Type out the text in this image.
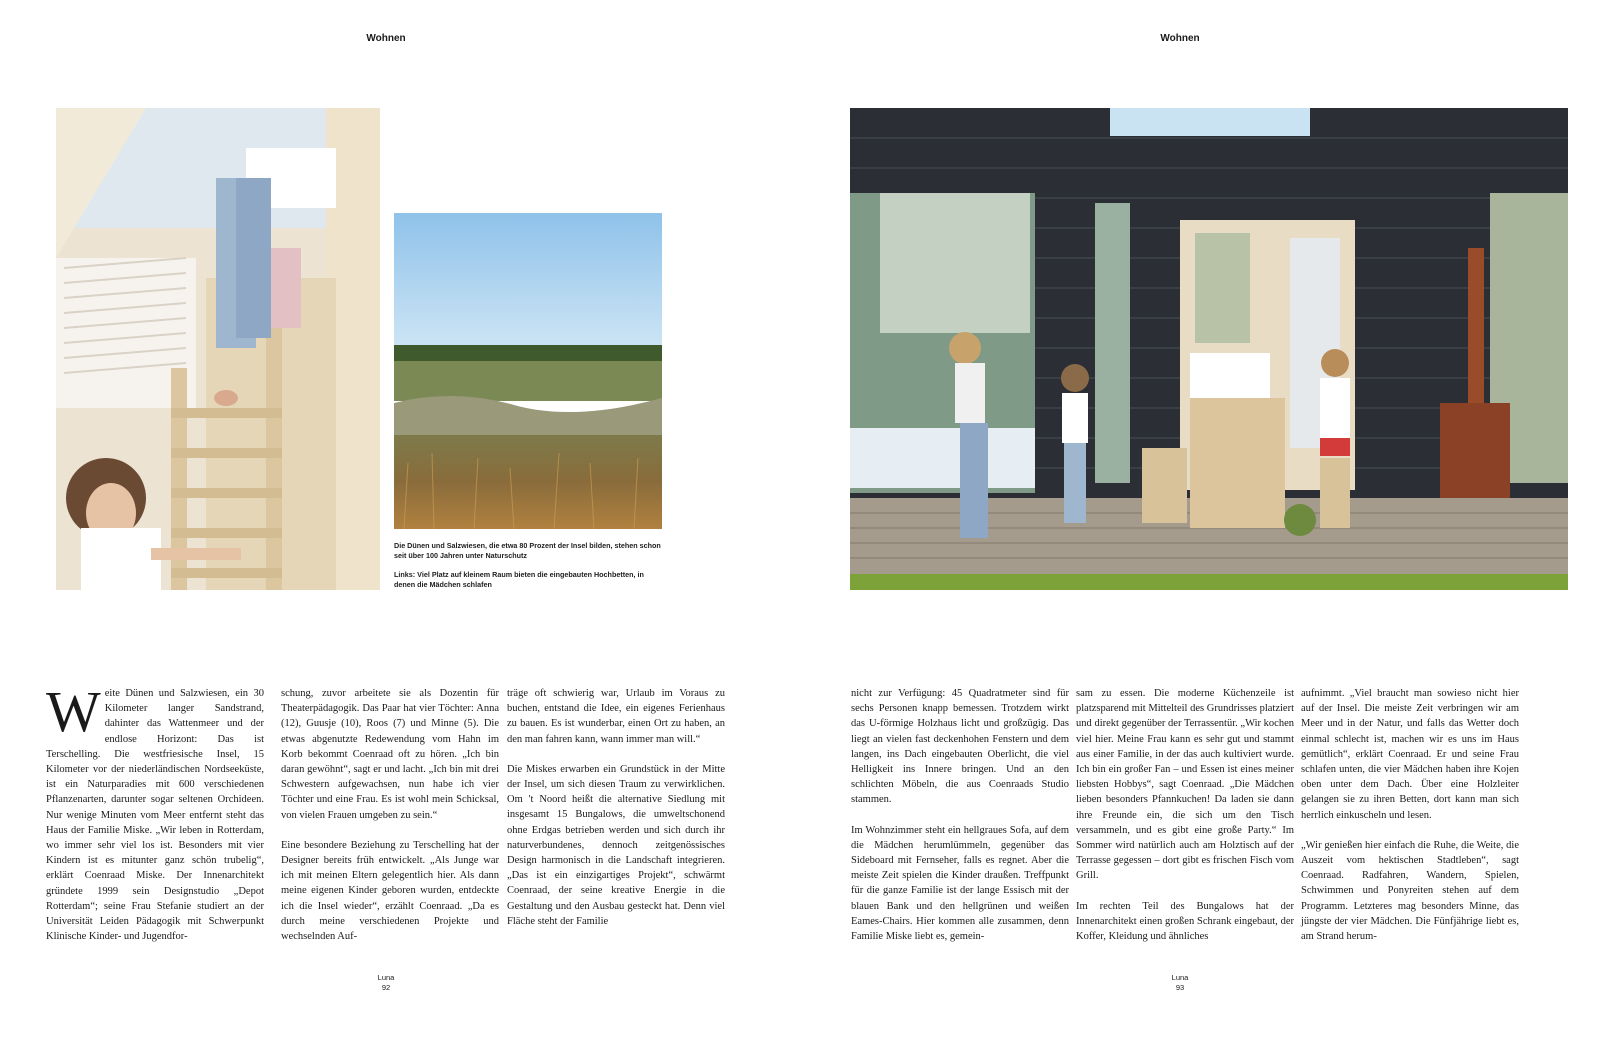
Wohnen

Die Dünen und Salzwiesen, die etwa 80 Prozent der Insel bilden, stehen schon seit über 100 Jahren unter Naturschutz

Links: Viel Platz auf kleinem Raum bieten die eingebauten Hochbetten, in denen die Mädchen schlafen

Weite Dünen und Salzwiesen, ein 30 Kilometer langer Sandstrand, dahinter das Wattenmeer und der endlose Horizont: Das ist Terschelling. Die westfriesische Insel, 15 Kilometer vor der niederländischen Nordseeküste, ist ein Naturparadies mit 600 verschiedenen Pflanzenarten, darunter sogar seltenen Orchideen. Nur wenige Minuten vom Meer entfernt steht das Haus der Familie Miske. „Wir leben in Rotterdam, wo immer sehr viel los ist. Besonders mit vier Kindern ist es mitunter ganz schön trubelig“, erklärt Coenraad Miske. Der Innenarchitekt gründete 1999 sein Designstudio „Depot Rotterdam“; seine Frau Stefanie studiert an der Universität Leiden Pädagogik mit Schwerpunkt Klinische Kinder- und Jugendfor-

schung, zuvor arbeitete sie als Dozentin für Theaterpädagogik. Das Paar hat vier Töchter: Anna (12), Guusje (10), Roos (7) und Minne (5). Die etwas abgenutzte Redewendung vom Hahn im Korb bekommt Coenraad oft zu hören. „Ich bin daran gewöhnt“, sagt er und lacht. „Ich bin mit drei Schwestern aufgewachsen, nun habe ich vier Töchter und eine Frau. Es ist wohl mein Schicksal, von vielen Frauen umgeben zu sein.“

Eine besondere Beziehung zu Terschelling hat der Designer bereits früh entwickelt. „Als Junge war ich mit meinen Eltern gelegentlich hier. Als dann meine eigenen Kinder geboren wurden, entdeckte ich die Insel wieder“, erzählt Coenraad. „Da es durch meine verschiedenen Projekte und wechselnden Auf-

träge oft schwierig war, Urlaub im Voraus zu buchen, entstand die Idee, ein eigenes Ferienhaus zu bauen. Es ist wunderbar, einen Ort zu haben, an den man fahren kann, wann immer man will.“

Die Miskes erwarben ein Grundstück in der Mitte der Insel, um sich diesen Traum zu verwirklichen. Om 't Noord heißt die alternative Siedlung mit insgesamt 15 Bungalows, die umweltschonend ohne Erdgas betrieben werden und sich durch ihr naturverbundenes, dennoch zeitgenössisches Design harmonisch in die Landschaft integrieren. „Das ist ein einzigartiges Projekt“, schwärmt Coenraad, der seine kreative Energie in die Gestaltung und den Ausbau gesteckt hat. Denn viel Fläche steht der Familie

Luna
92
Wohnen

nicht zur Verfügung: 45 Quadratmeter sind für sechs Personen knapp bemessen. Trotzdem wirkt das U-förmige Holzhaus licht und großzügig. Das liegt an vielen fast deckenhohen Fenstern und dem langen, ins Dach eingebauten Oberlicht, die viel Helligkeit ins Innere bringen. Und an den schlichten Möbeln, die aus Coenraads Studio stammen.

Im Wohnzimmer steht ein hellgraues Sofa, auf dem die Mädchen herumlümmeln, gegenüber das Sideboard mit Fernseher, falls es regnet. Aber die meiste Zeit spielen die Kinder draußen. Treffpunkt für die ganze Familie ist der lange Essisch mit der blauen Bank und den hellgrünen und weißen Eames-Chairs. Hier kommen alle zusammen, denn Familie Miske liebt es, gemein-

sam zu essen. Die moderne Küchenzeile ist platzsparend mit Mittelteil des Grundrisses platziert und direkt gegenüber der Terrassentür. „Wir kochen viel hier. Meine Frau kann es sehr gut und stammt aus einer Familie, in der das auch kultiviert wurde. Ich bin ein großer Fan – und Essen ist eines meiner liebsten Hobbys“, sagt Coenraad. „Die Mädchen lieben besonders Pfannkuchen! Da laden sie dann ihre Freunde ein, die sich um den Tisch versammeln, und es gibt eine große Party.“ Im Sommer wird natürlich auch am Holztisch auf der Terrasse gegessen – dort gibt es frischen Fisch vom Grill.

Im rechten Teil des Bungalows hat der Innenarchitekt einen großen Schrank eingebaut, der Koffer, Kleidung und ähnliches

aufnimmt. „Viel braucht man sowieso nicht hier auf der Insel. Die meiste Zeit verbringen wir am Meer und in der Natur, und falls das Wetter doch einmal schlecht ist, machen wir es uns im Haus gemütlich“, erklärt Coenraad. Er und seine Frau schlafen unten, die vier Mädchen haben ihre Kojen oben unter dem Dach. Über eine Holzleiter gelangen sie zu ihren Betten, dort kann man sich herrlich einkuscheln und lesen.

„Wir genießen hier einfach die Ruhe, die Weite, die Auszeit vom hektischen Stadtleben“, sagt Coenraad. Radfahren, Wandern, Spielen, Schwimmen und Ponyreiten stehen auf dem Programm. Letzteres mag besonders Minne, das jüngste der vier Mädchen. Die Fünfjährige liebt es, am Strand herum-

Luna
93
